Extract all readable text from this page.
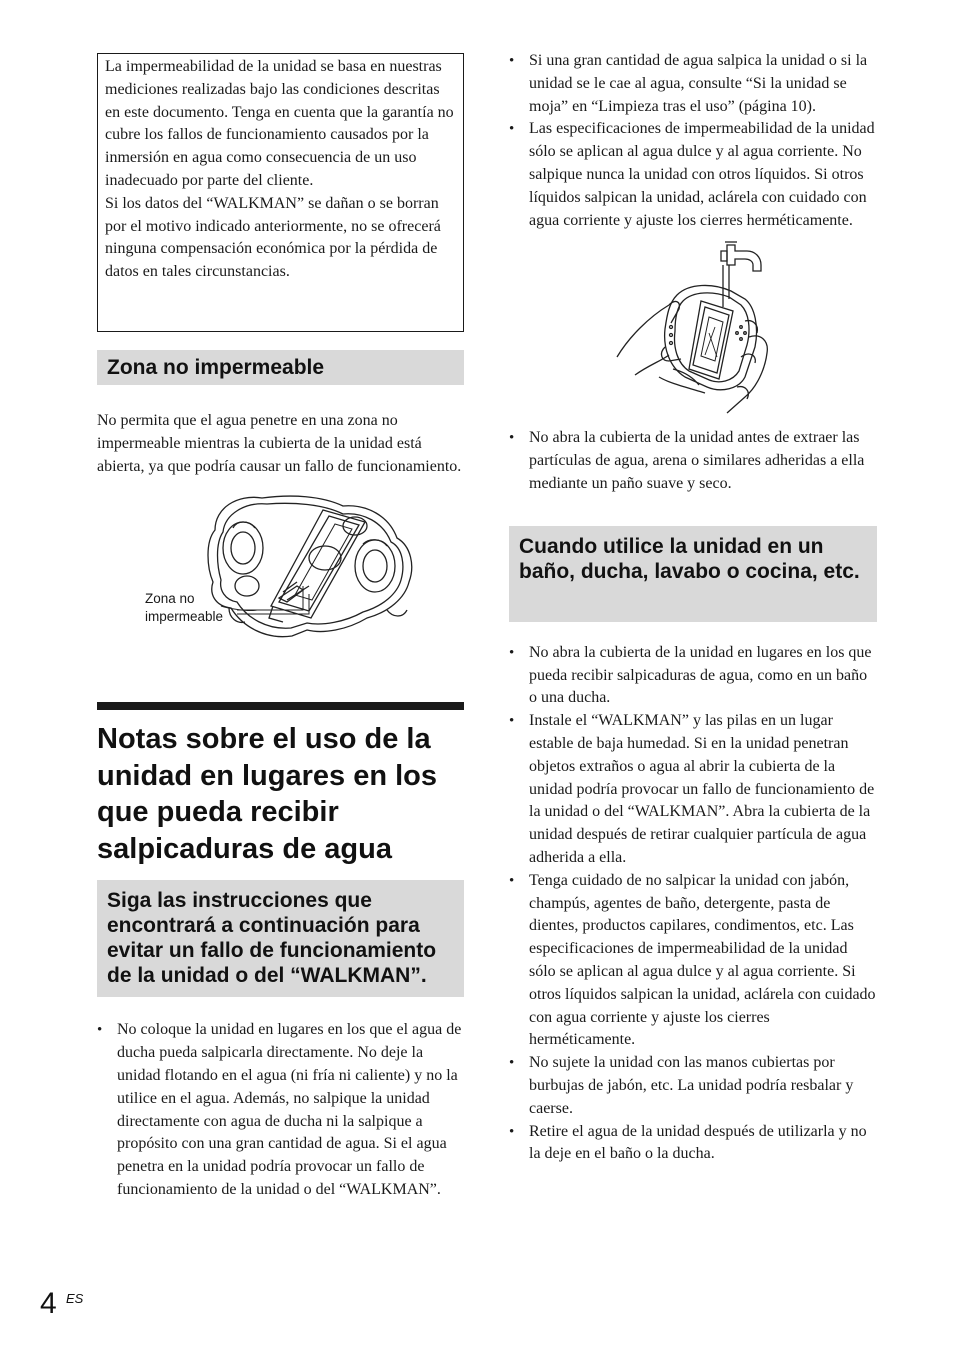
La impermeabilidad de la unidad se basa en nuestras mediciones realizadas bajo las condiciones descritas en este documento. Tenga en cuenta que la garantía no cubre los fallos de funcionamiento causados por la inmersión en agua como consecuencia de un uso inadecuado por parte del cliente.

Si los datos del “WALKMAN” se dañan o se borran por el motivo indicado anteriormente, no se ofrecerá ninguna compensación económica por la pérdida de datos en tales circunstancias.

Zona no impermeable

No permita que el agua penetre en una zona no impermeable mientras la cubierta de la unidad está abierta, ya que podría causar un fallo de funcionamiento.

Zona no
impermeable
Notas sobre el uso de la unidad en lugares en los que pueda recibir salpicaduras de agua
Siga las instrucciones que encontrará a continuación para evitar un fallo de funcionamiento de la unidad o del “WALKMAN”.
• No coloque la unidad en lugares en los que el agua de ducha pueda salpicarla directamente. No deje la unidad flotando en el agua (ni fría ni caliente) y no la utilice en el agua. Además, no salpique la unidad directamente con agua de ducha ni la salpique a propósito con una gran cantidad de agua. Si el agua penetra en la unidad podría provocar un fallo de funcionamiento de la unidad o del “WALKMAN”.
• Si una gran cantidad de agua salpica la unidad o si la unidad se le cae al agua, consulte “Si la unidad se moja” en “Limpieza tras el uso” (página 10).
• Las especificaciones de impermeabilidad de la unidad sólo se aplican al agua dulce y al agua corriente. No salpique nunca la unidad con otros líquidos. Si otros líquidos salpican la unidad, aclárela con cuidado con agua corriente y ajuste los cierres herméticamente.
• No abra la cubierta de la unidad antes de extraer las partículas de agua, arena o similares adheridas a ella mediante un paño suave y seco.
Cuando utilice la unidad en un baño, ducha, lavabo o cocina, etc.
• No abra la cubierta de la unidad en lugares en los que pueda recibir salpicaduras de agua, como en un baño o una ducha.
• Instale el “WALKMAN” y las pilas en un lugar estable de baja humedad. Si en la unidad penetran objetos extraños o agua al abrir la cubierta de la unidad podría provocar un fallo de funcionamiento de la unidad o del “WALKMAN”. Abra la cubierta de la unidad después de retirar cualquier partícula de agua adherida a ella.
• Tenga cuidado de no salpicar la unidad con jabón, champús, agentes de baño, detergente, pasta de dientes, productos capilares, condimentos, etc. Las especificaciones de impermeabilidad de la unidad sólo se aplican al agua dulce y al agua corriente. Si otros líquidos salpican la unidad, aclárela con cuidado con agua corriente y ajuste los cierres herméticamente.
• No sujete la unidad con las manos cubiertas por burbujas de jabón, etc. La unidad podría resbalar y caerse.
• Retire el agua de la unidad después de utilizarla y no la deje en el baño o la ducha.
4 ES
